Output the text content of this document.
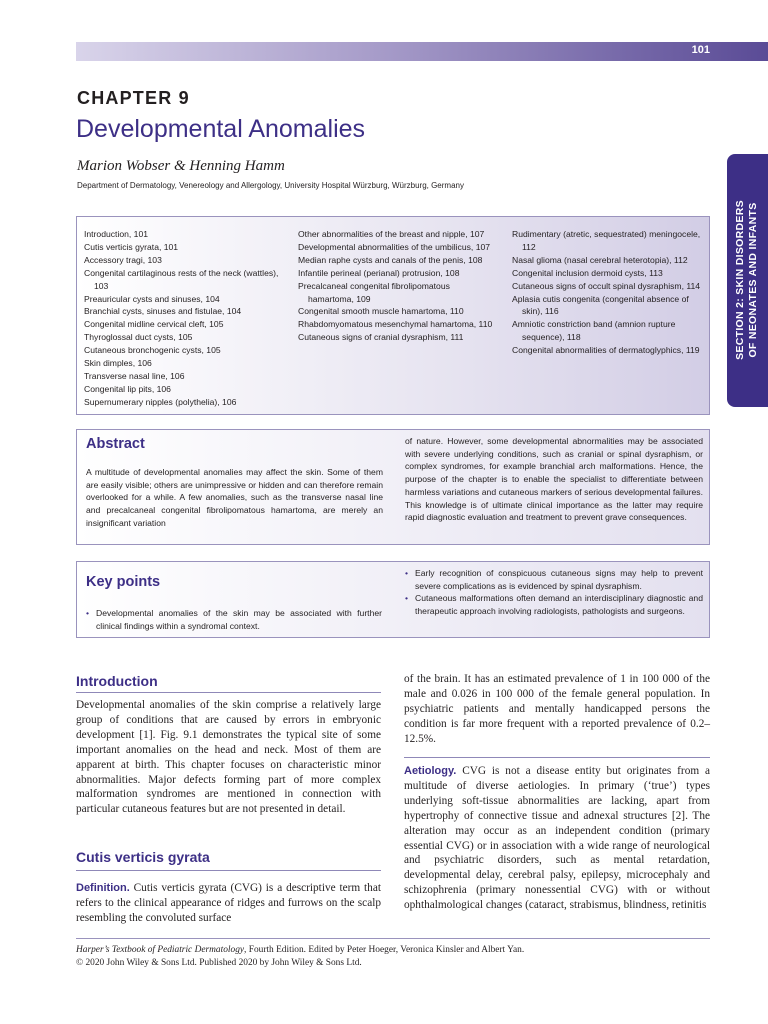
101
SECTION 2: SKIN DISORDERS OF NEONATES AND INFANTS
CHAPTER 9
Developmental Anomalies
Marion Wobser & Henning Hamm
Department of Dermatology, Venereology and Allergology, University Hospital Würzburg, Würzburg, Germany
Introduction, 101
Cutis verticis gyrata, 101
Accessory tragi, 103
Congenital cartilaginous rests of the neck (wattles), 103
Preauricular cysts and sinuses, 104
Branchial cysts, sinuses and fistulae, 104
Congenital midline cervical cleft, 105
Thyroglossal duct cysts, 105
Cutaneous bronchogenic cysts, 105
Skin dimples, 106
Transverse nasal line, 106
Congenital lip pits, 106
Supernumerary nipples (polythelia), 106
Other abnormalities of the breast and nipple, 107
Developmental abnormalities of the umbilicus, 107
Median raphe cysts and canals of the penis, 108
Infantile perineal (perianal) protrusion, 108
Precalcaneal congenital fibrolipomatous hamartoma, 109
Congenital smooth muscle hamartoma, 110
Rhabdomyomatous mesenchymal hamartoma, 110
Cutaneous signs of cranial dysraphism, 111
Rudimentary (atretic, sequestrated) meningocele, 112
Nasal glioma (nasal cerebral heterotopia), 112
Congenital inclusion dermoid cysts, 113
Cutaneous signs of occult spinal dysraphism, 114
Aplasia cutis congenita (congenital absence of skin), 116
Amniotic constriction band (amnion rupture sequence), 118
Congenital abnormalities of dermatoglyphics, 119
Abstract

A multitude of developmental anomalies may affect the skin. Some of them are easily visible; others are unimpressive or hidden and can therefore remain overlooked for a while. A few anomalies, such as the transverse nasal line and precalcaneal congenital fibrolipomatous hamartoma, are merely an insignificant variation

of nature. However, some developmental abnormalities may be associated with severe underlying conditions, such as cranial or spinal dysraphism, or complex syndromes, for example branchial arch malformations. Hence, the purpose of the chapter is to enable the specialist to differentiate between harmless variations and cutaneous markers of serious developmental failures. This knowledge is of ultimate clinical importance as the latter may require rapid diagnostic evaluation and treatment to prevent grave consequences.

Key points
• Developmental anomalies of the skin may be associated with further clinical findings within a syndromal context.
• Early recognition of conspicuous cutaneous signs may help to prevent severe complications as is evidenced by spinal dysraphism.
• Cutaneous malformations often demand an interdisciplinary diagnostic and therapeutic approach involving radiologists, pathologists and surgeons.
Introduction

Developmental anomalies of the skin comprise a relatively large group of conditions that are caused by errors in embryonic development [1]. Fig. 9.1 demonstrates the typical site of some important anomalies on the head and neck. Most of them are apparent at birth. This chapter focuses on characteristic minor abnormalities. Major defects forming part of more complex malformation syndromes are mentioned in connection with particular cutaneous features but are not presented in detail.

Cutis verticis gyrata

Definition. Cutis verticis gyrata (CVG) is a descriptive term that refers to the clinical appearance of ridges and furrows on the scalp resembling the convoluted surface

of the brain. It has an estimated prevalence of 1 in 100 000 of the male and 0.026 in 100 000 of the female general population. In psychiatric patients and mentally handicapped persons the condition is far more frequent with a reported prevalence of 0.2–12.5%.

Aetiology. CVG is not a disease entity but originates from a multitude of diverse aetiologies. In primary (‘true’) types underlying soft-tissue abnormalities are lacking, apart from hypertrophy of connective tissue and adnexal structures [2]. The alteration may occur as an independent condition (primary essential CVG) or in association with a wide range of neurological and psychiatric disorders, such as mental retardation, developmental delay, cerebral palsy, epilepsy, microcephaly and schizophrenia (primary nonessential CVG) with or without ophthalmological changes (cataract, strabismus, blindness, retinitis

Harper’s Textbook of Pediatric Dermatology, Fourth Edition. Edited by Peter Hoeger, Veronica Kinsler and Albert Yan.
© 2020 John Wiley & Sons Ltd. Published 2020 by John Wiley & Sons Ltd.
